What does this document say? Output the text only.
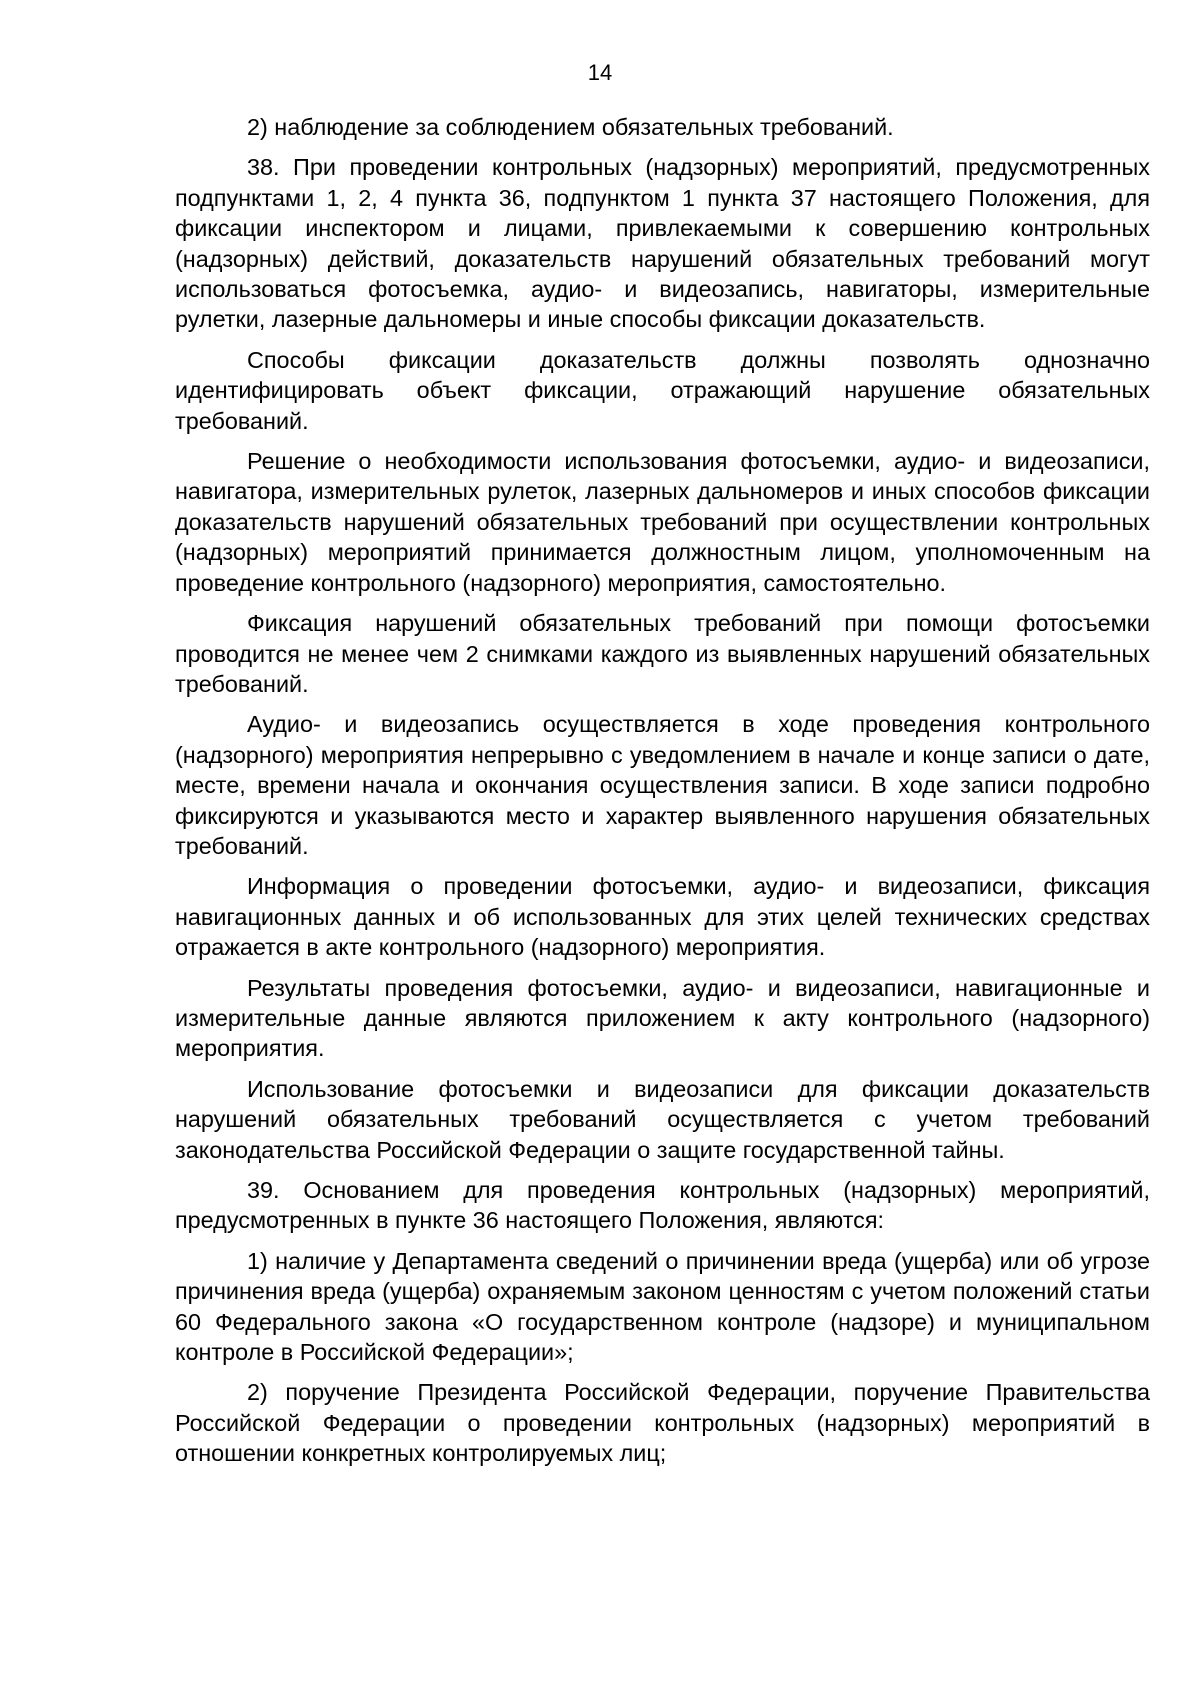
14

2) наблюдение за соблюдением обязательных требований.

38. При проведении контрольных (надзорных) мероприятий, предусмотренных подпунктами 1, 2, 4 пункта 36, подпунктом 1 пункта 37 настоящего Положения, для фиксации инспектором и лицами, привлекаемыми к совершению контрольных (надзорных) действий, доказательств нарушений обязательных требований могут использоваться фотосъемка, аудио- и видеозапись, навигаторы, измерительные рулетки, лазерные дальномеры и иные способы фиксации доказательств.

Способы фиксации доказательств должны позволять однозначно идентифицировать объект фиксации, отражающий нарушение обязательных требований.

Решение о необходимости использования фотосъемки, аудио- и видеозаписи, навигатора, измерительных рулеток, лазерных дальномеров и иных способов фиксации доказательств нарушений обязательных требований при осуществлении контрольных (надзорных) мероприятий принимается должностным лицом, уполномоченным на проведение контрольного (надзорного) мероприятия, самостоятельно.

Фиксация нарушений обязательных требований при помощи фотосъемки проводится не менее чем 2 снимками каждого из выявленных нарушений обязательных требований.

Аудио- и видеозапись осуществляется в ходе проведения контрольного (надзорного) мероприятия непрерывно с уведомлением в начале и конце записи о дате, месте, времени начала и окончания осуществления записи. В ходе записи подробно фиксируются и указываются место и характер выявленного нарушения обязательных требований.

Информация о проведении фотосъемки, аудио- и видеозаписи, фиксация навигационных данных и об использованных для этих целей технических средствах отражается в акте контрольного (надзорного) мероприятия.

Результаты проведения фотосъемки, аудио- и видеозаписи, навигационные и измерительные данные являются приложением к акту контрольного (надзорного) мероприятия.

Использование фотосъемки и видеозаписи для фиксации доказательств нарушений обязательных требований осуществляется с учетом требований законодательства Российской Федерации о защите государственной тайны.

39. Основанием для проведения контрольных (надзорных) мероприятий, предусмотренных в пункте 36 настоящего Положения, являются:

1) наличие у Департамента сведений о причинении вреда (ущерба) или об угрозе причинения вреда (ущерба) охраняемым законом ценностям с учетом положений статьи 60 Федерального закона «О государственном контроле (надзоре) и муниципальном контроле в Российской Федерации»;

2) поручение Президента Российской Федерации, поручение Правительства Российской Федерации о проведении контрольных (надзорных) мероприятий в отношении конкретных контролируемых лиц;
